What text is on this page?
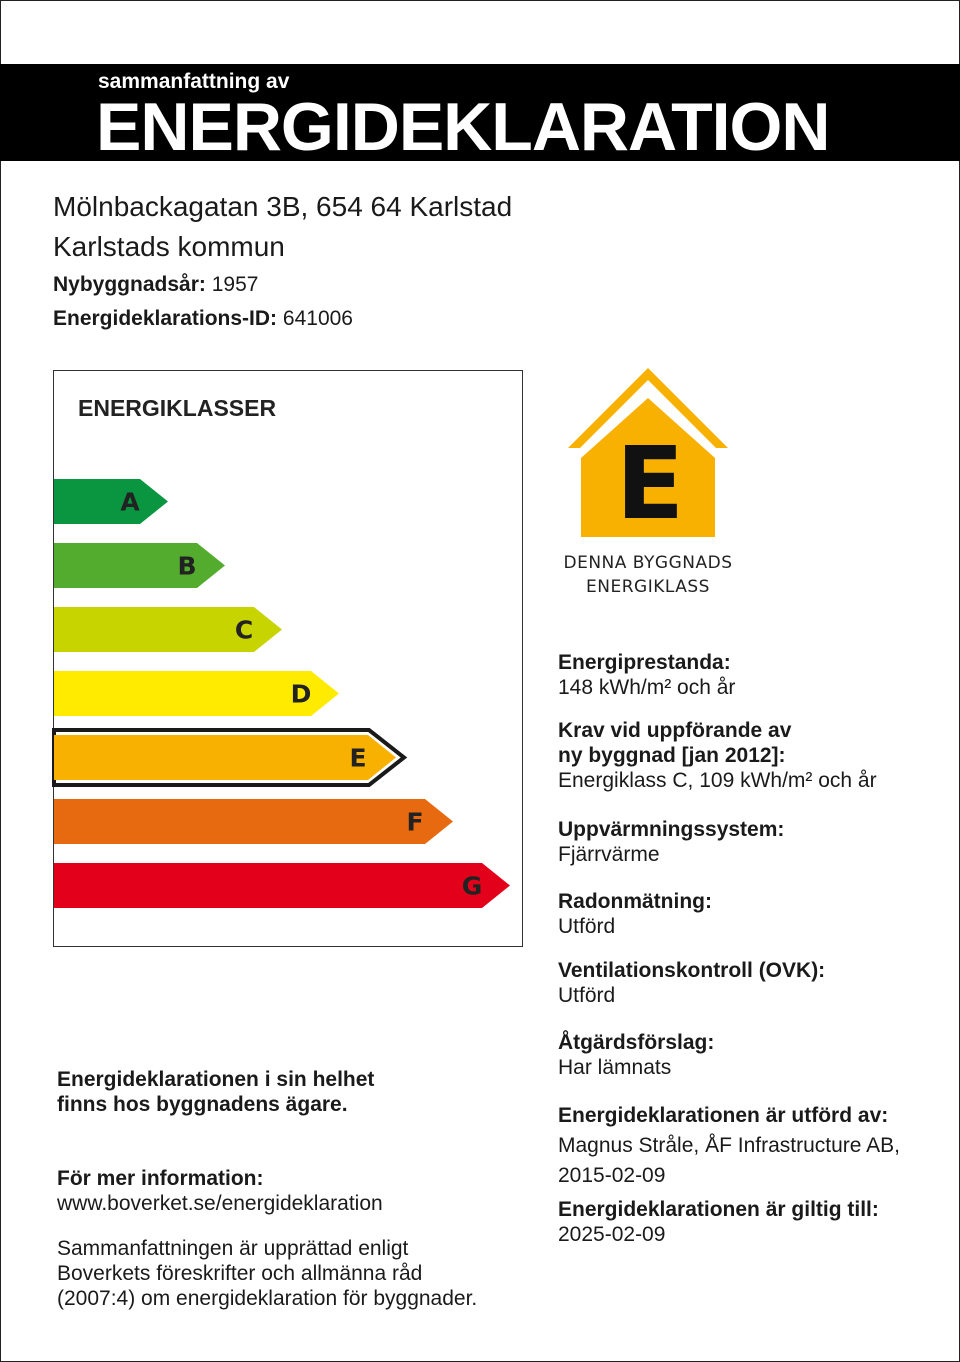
sammanfattning av
ENERGIDEKLARATION
Mölnbackagatan 3B, 654 64 Karlstad
Karlstads kommun
Nybyggnadsår: 1957
Energideklarations-ID: 641006
ENERGIKLASSER
A
B
C
D
E
F
G
E
DENNA BYGGNADS
ENERGIKLASS
Energiprestanda:
148 kWh/m² och år
Krav vid uppförande av
ny byggnad [jan 2012]:
Energiklass C, 109 kWh/m² och år
Uppvärmningssystem:
Fjärrvärme
Radonmätning:
Utförd
Ventilationskontroll (OVK):
Utförd
Åtgärdsförslag:
Har lämnats
Energideklarationen är utförd av:
Magnus Stråle, ÅF Infrastructure AB,
2015-02-09
Energideklarationen är giltig till:
2025-02-09
Energideklarationen i sin helhet
finns hos byggnadens ägare.
För mer information:
www.boverket.se/energideklaration
Sammanfattningen är upprättad enligt
Boverkets föreskrifter och allmänna råd
(2007:4) om energideklaration för byggnader.
